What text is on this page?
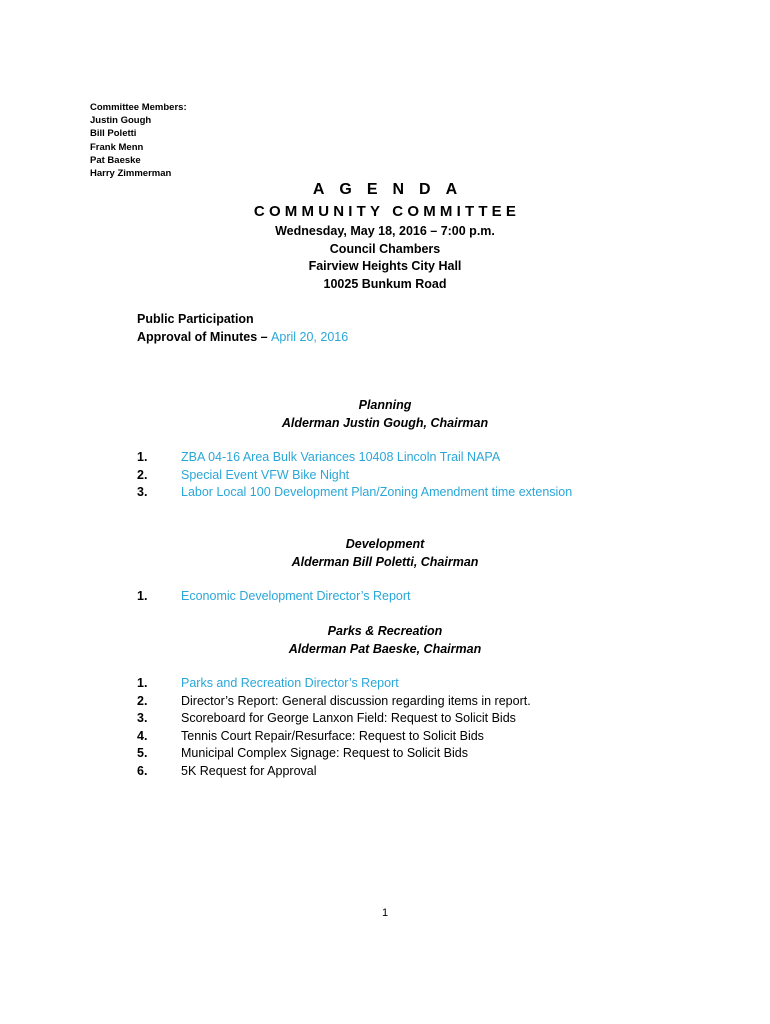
Committee Members:
Justin Gough
Bill Poletti
Frank Menn
Pat Baeske
Harry Zimmerman
AGENDA
COMMUNITY COMMITTEE
Wednesday, May 18, 2016 – 7:00 p.m.
Council Chambers
Fairview Heights City Hall
10025 Bunkum Road
Public Participation
Approval of Minutes – April 20, 2016
Planning
Alderman Justin Gough, Chairman
1.	ZBA 04-16 Area Bulk Variances 10408 Lincoln Trail NAPA
2.	Special Event VFW Bike Night
3.	Labor Local 100 Development Plan/Zoning Amendment time extension
Development
Alderman Bill Poletti, Chairman
1.	Economic Development Director’s Report
Parks & Recreation
Alderman Pat Baeske, Chairman
1.	Parks and Recreation Director’s Report
2.	Director’s Report: General discussion regarding items in report.
3.	Scoreboard for George Lanxon Field: Request to Solicit Bids
4.	Tennis Court Repair/Resurface: Request to Solicit Bids
5.	Municipal Complex Signage: Request to Solicit Bids
6.	5K Request for Approval
1
